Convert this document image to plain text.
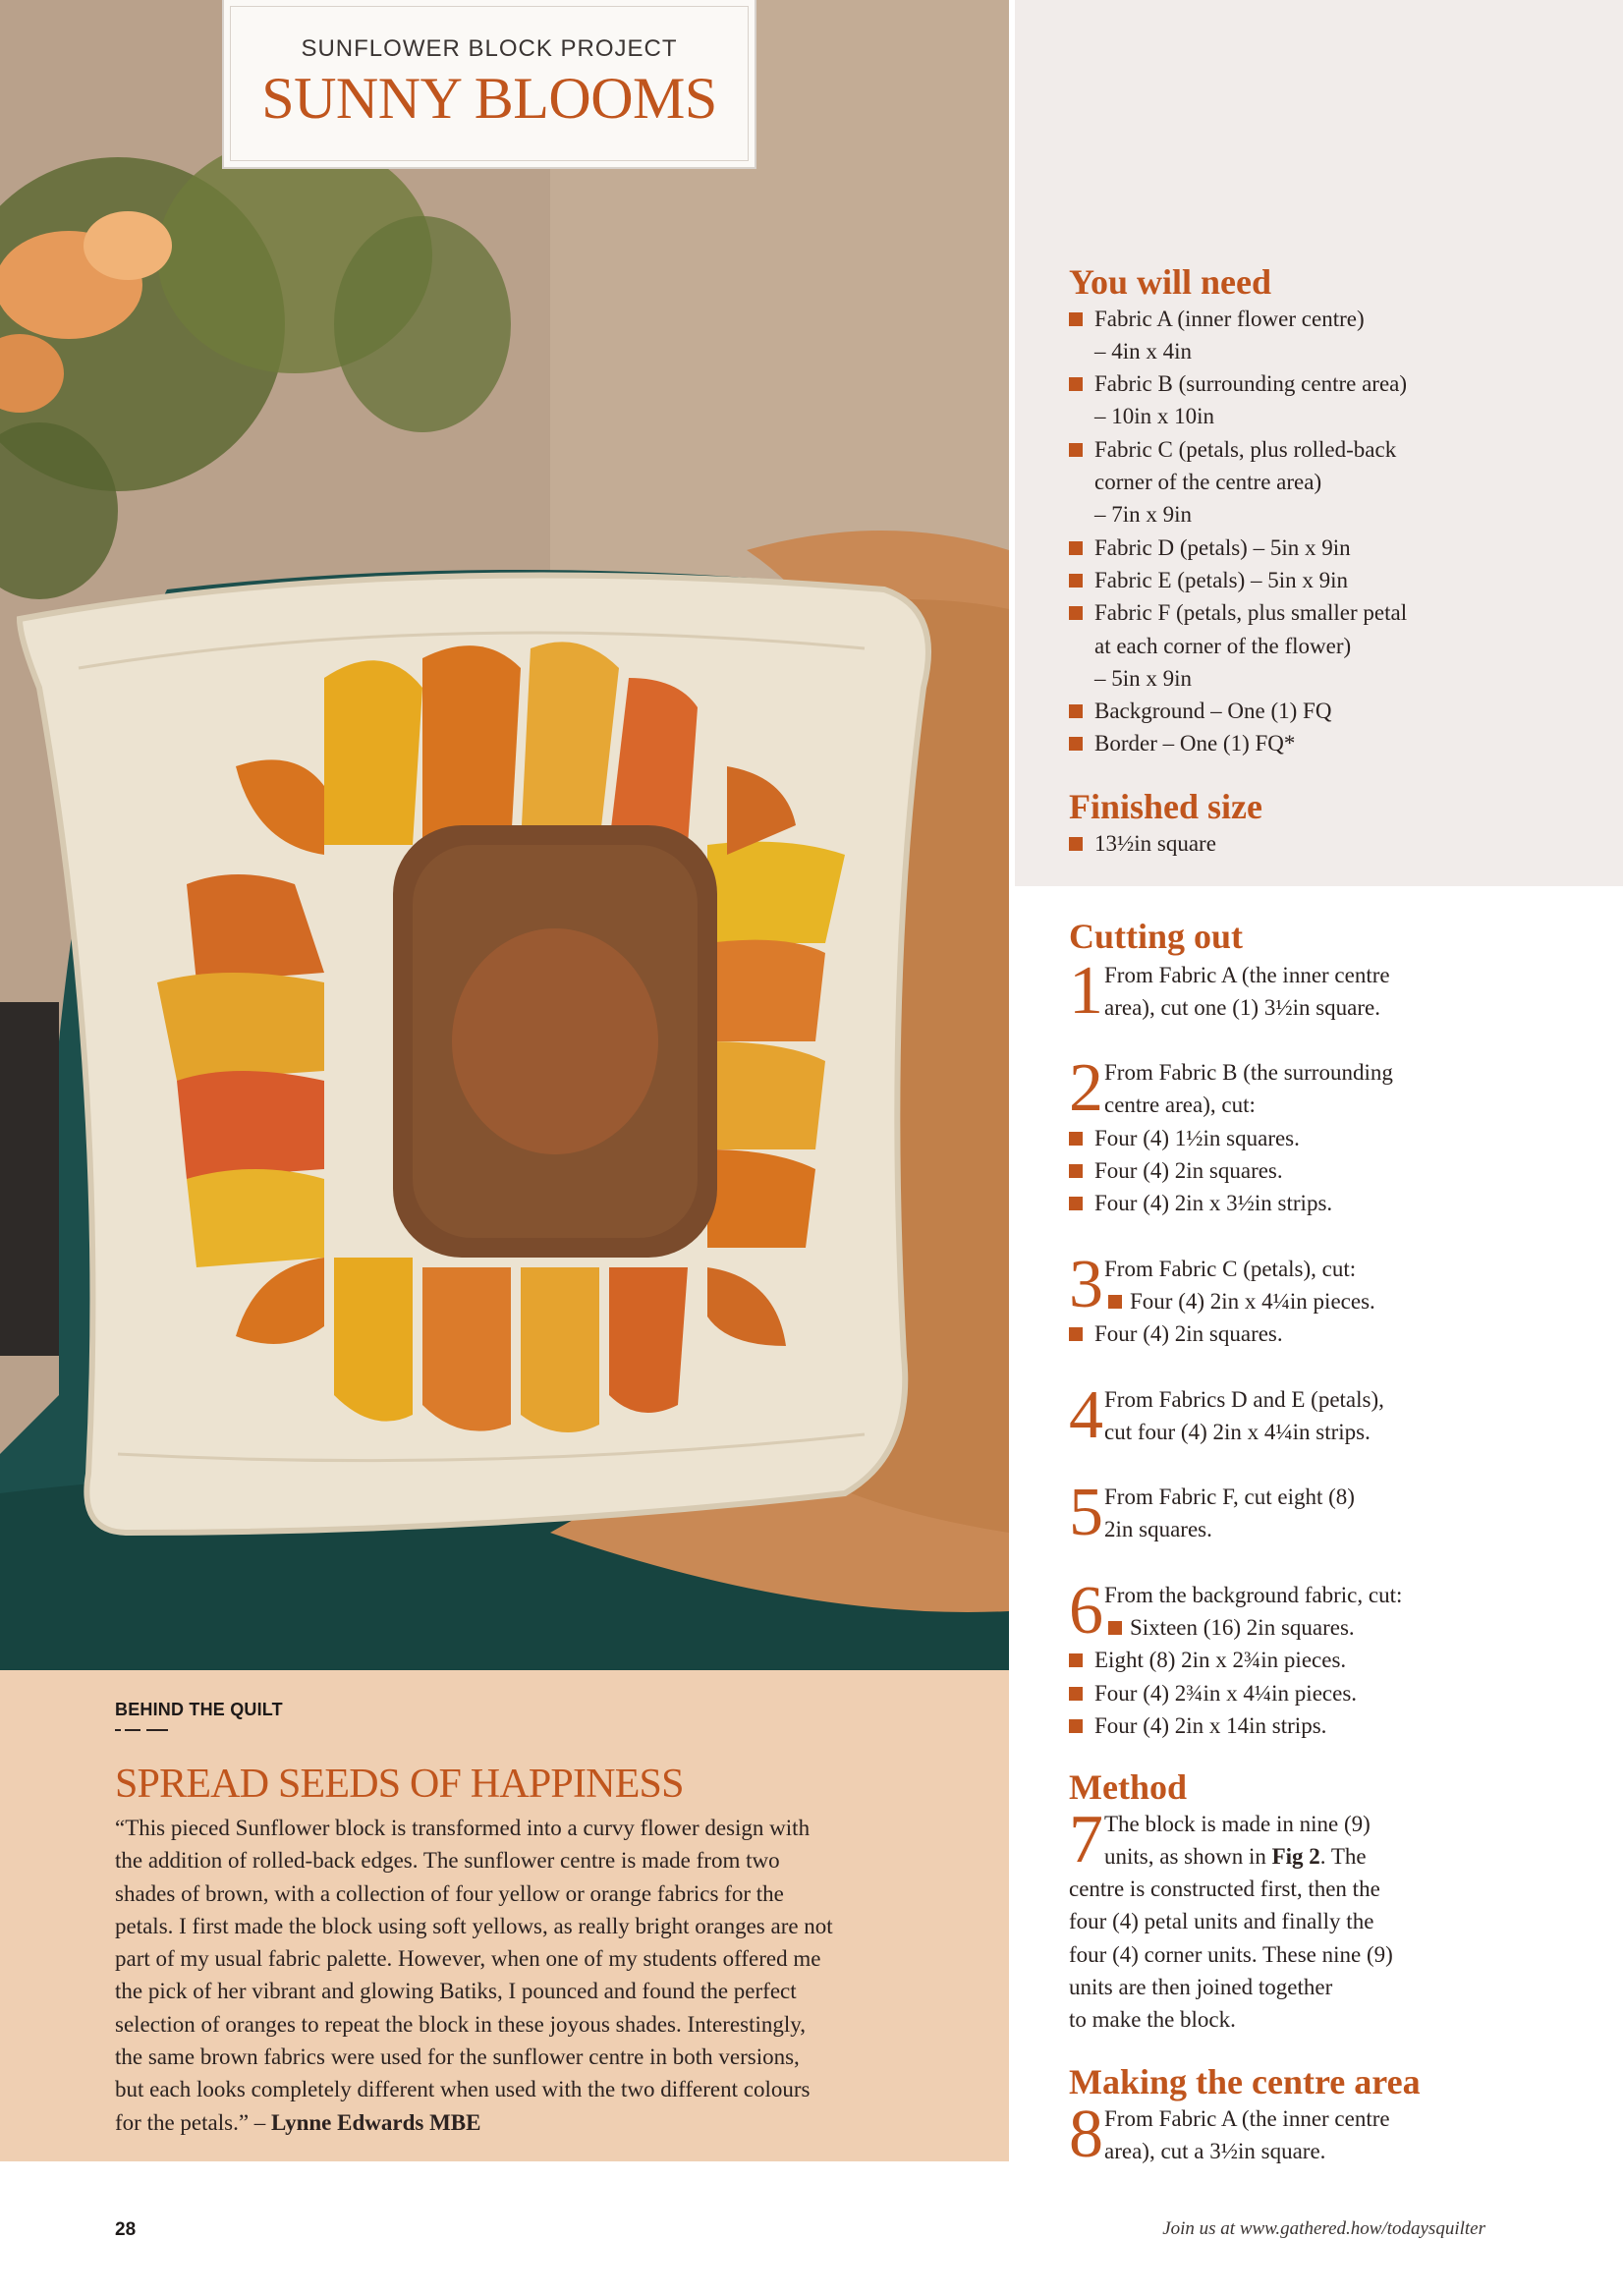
SUNFLOWER BLOCK PROJECT
SUNNY BLOOMS
BEHIND THE QUILT
SPREAD SEEDS OF HAPPINESS
“This pieced Sunflower block is transformed into a curvy flower design with
the addition of rolled-back edges. The sunflower centre is made from two
shades of brown, with a collection of four yellow or orange fabrics for the
petals. I first made the block using soft yellows, as really bright oranges are not
part of my usual fabric palette. However, when one of my students offered me
the pick of her vibrant and glowing Batiks, I pounced and found the perfect
selection of oranges to repeat the block in these joyous shades. Interestingly,
the same brown fabrics were used for the sunflower centre in both versions,
but each looks completely different when used with the two different colours
for the petals.” – Lynne Edwards MBE
You will need
Fabric A (inner flower centre)
– 4in x 4in
Fabric B (surrounding centre area)
– 10in x 10in
Fabric C (petals, plus rolled-back
corner of the centre area)
– 7in x 9in
Fabric D (petals) – 5in x 9in
Fabric E (petals) – 5in x 9in
Fabric F (petals, plus smaller petal
at each corner of the flower)
– 5in x 9in
Background – One (1) FQ
Border – One (1) FQ*
Finished size
13½in square
Cutting out
1 From Fabric A (the inner centre
area), cut one (1) 3½in square.
2 From Fabric B (the surrounding
centre area), cut:
Four (4) 1½in squares.
Four (4) 2in squares.
Four (4) 2in x 3½in strips.
3 From Fabric C (petals), cut:
Four (4) 2in x 4¼in pieces.
Four (4) 2in squares.
4 From Fabrics D and E (petals),
cut four (4) 2in x 4¼in strips.
5 From Fabric F, cut eight (8)
2in squares.
6 From the background fabric, cut:
Sixteen (16) 2in squares.
Eight (8) 2in x 2¾in pieces.
Four (4) 2¾in x 4¼in pieces.
Four (4) 2in x 14in strips.
Method
7 The block is made in nine (9)
units, as shown in Fig 2. The
centre is constructed first, then the
four (4) petal units and finally the
four (4) corner units. These nine (9)
units are then joined together
to make the block.
Making the centre area
8 From Fabric A (the inner centre
area), cut a 3½in square.
28	Join us at www.gathered.how/todaysquilter
